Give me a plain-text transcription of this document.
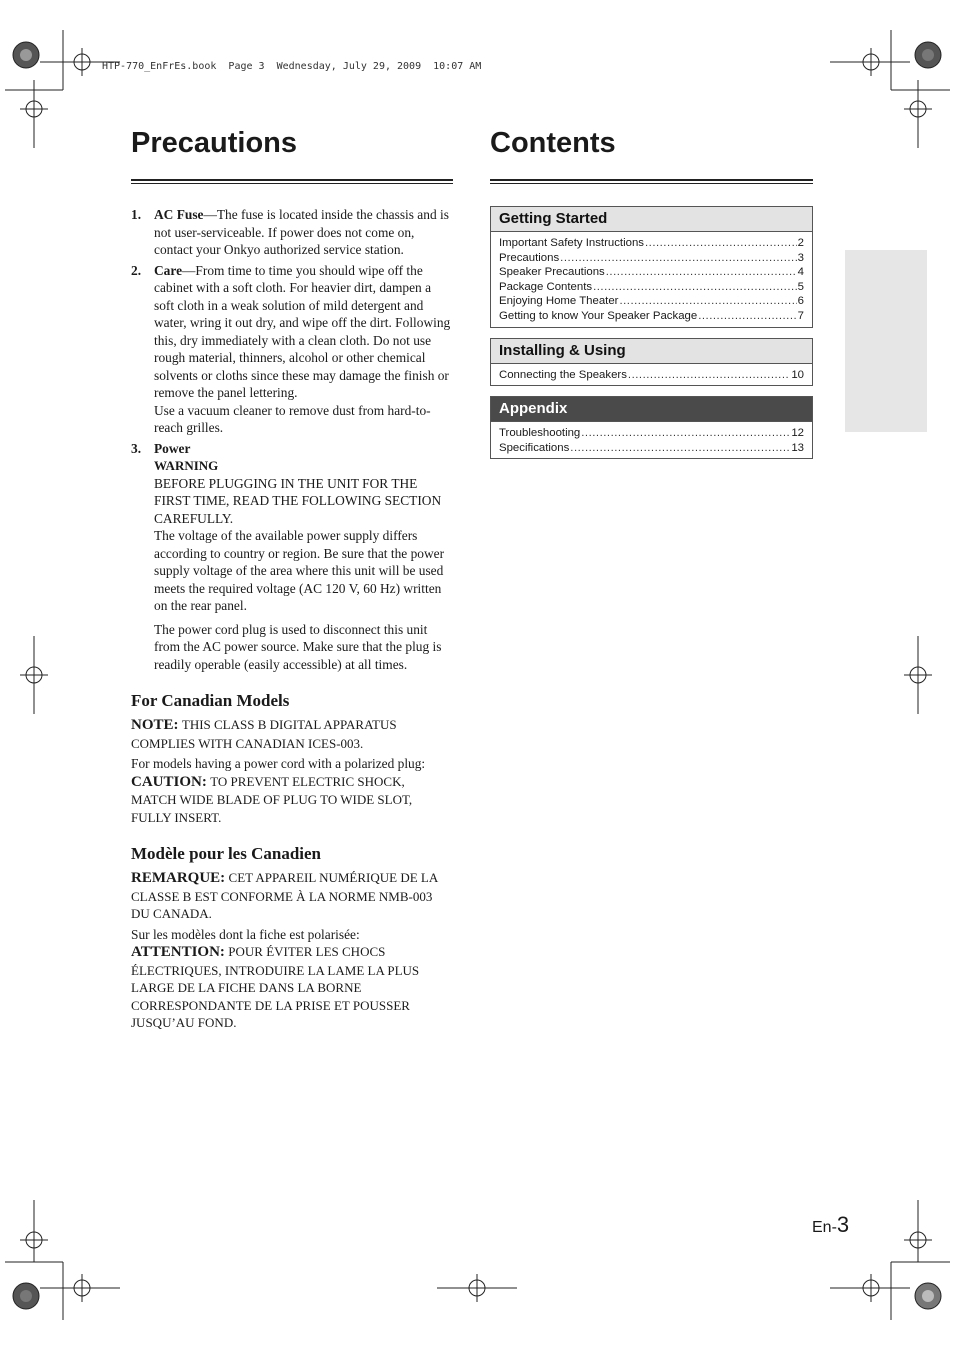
HTP-770_EnFrEs.book  Page 3  Wednesday, July 29, 2009  10:07 AM
Precautions
1. AC Fuse—The fuse is located inside the chassis and is not user-serviceable. If power does not come on, contact your Onkyo authorized service station.

2. Care—From time to time you should wipe off the cabinet with a soft cloth. For heavier dirt, dampen a soft cloth in a weak solution of mild detergent and water, wring it out dry, and wipe off the dirt. Following this, dry immediately with a clean cloth. Do not use rough material, thinners, alcohol or other chemical solvents or cloths since these may damage the finish or remove the panel lettering.

Use a vacuum cleaner to remove dust from hard-to-reach grilles.

3. Power

WARNING

BEFORE PLUGGING IN THE UNIT FOR THE FIRST TIME, READ THE FOLLOWING SECTION CAREFULLY.

The voltage of the available power supply differs according to country or region. Be sure that the power supply voltage of the area where this unit will be used meets the required voltage (AC 120 V, 60 Hz) written on the rear panel.

The power cord plug is used to disconnect this unit from the AC power source. Make sure that the plug is readily operable (easily accessible) at all times.

For Canadian Models

NOTE: THIS CLASS B DIGITAL APPARATUS COMPLIES WITH CANADIAN ICES-003.

For models having a power cord with a polarized plug:

CAUTION: TO PREVENT ELECTRIC SHOCK, MATCH WIDE BLADE OF PLUG TO WIDE SLOT, FULLY INSERT.

Modèle pour les Canadien

REMARQUE: CET APPAREIL NUMÉRIQUE DE LA CLASSE B EST CONFORME À LA NORME NMB-003 DU CANADA.

Sur les modèles dont la fiche est polarisée:

ATTENTION: POUR ÉVITER LES CHOCS ÉLECTRIQUES, INTRODUIRE LA LAME LA PLUS LARGE DE LA FICHE DANS LA BORNE CORRESPONDANTE DE LA PRISE ET POUSSER JUSQU’AU FOND.

Contents
Getting Started
Important Safety Instructions .....	2
Precautions .....	3
Speaker Precautions .....	4
Package Contents .....	5
Enjoying Home Theater .....	6
Getting to know Your Speaker Package .....	7
Installing & Using
Connecting the Speakers .....	10
Appendix
Troubleshooting .....	12
Specifications .....	13
En-3
